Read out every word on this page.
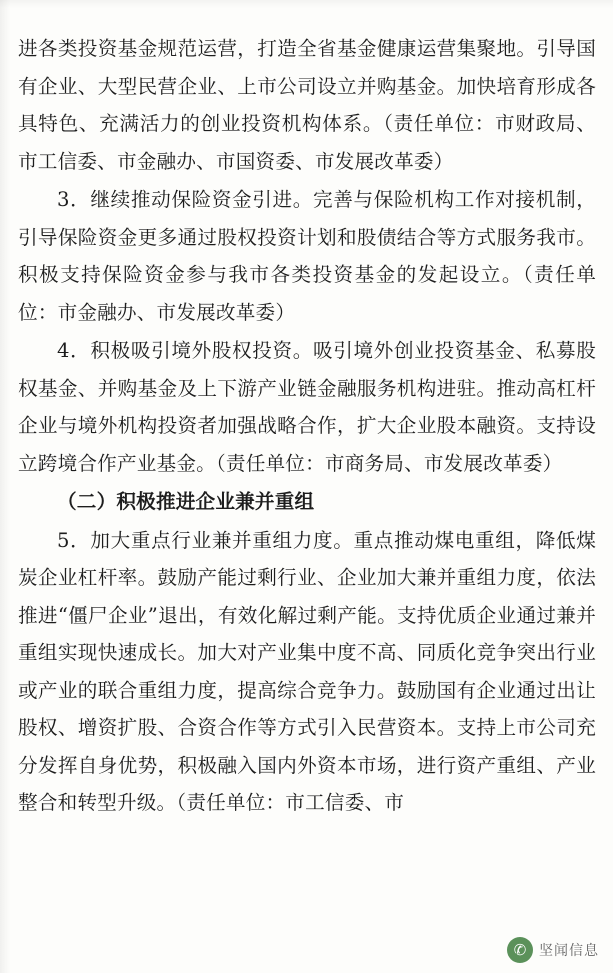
进各类投资基金规范运营，打造全省基金健康运营集聚地。引导国有企业、大型民营企业、上市公司设立并购基金。加快培育形成各具特色、充满活力的创业投资机构体系。（责任单位：市财政局、市工信委、市金融办、市国资委、市发展改革委）

3．继续推动保险资金引进。完善与保险机构工作对接机制，引导保险资金更多通过股权投资计划和股债结合等方式服务我市。积极支持保险资金参与我市各类投资基金的发起设立。（责任单位：市金融办、市发展改革委）

4．积极吸引境外股权投资。吸引境外创业投资基金、私募股权基金、并购基金及上下游产业链金融服务机构进驻。推动高杠杆企业与境外机构投资者加强战略合作，扩大企业股本融资。支持设立跨境合作产业基金。（责任单位：市商务局、市发展改革委）

（二）积极推进企业兼并重组

5．加大重点行业兼并重组力度。重点推动煤电重组，降低煤炭企业杠杆率。鼓励产能过剩行业、企业加大兼并重组力度，依法推进“僵尸企业”退出，有效化解过剩产能。支持优质企业通过兼并重组实现快速成长。加大对产业集中度不高、同质化竞争突出行业或产业的联合重组力度，提高综合竞争力。鼓励国有企业通过出让股权、增资扩股、合资合作等方式引入民营资本。支持上市公司充分发挥自身优势，积极融入国内外资本市场，进行资产重组、产业整合和转型升级。（责任单位：市工信委、市

✆ 坚闻信息
